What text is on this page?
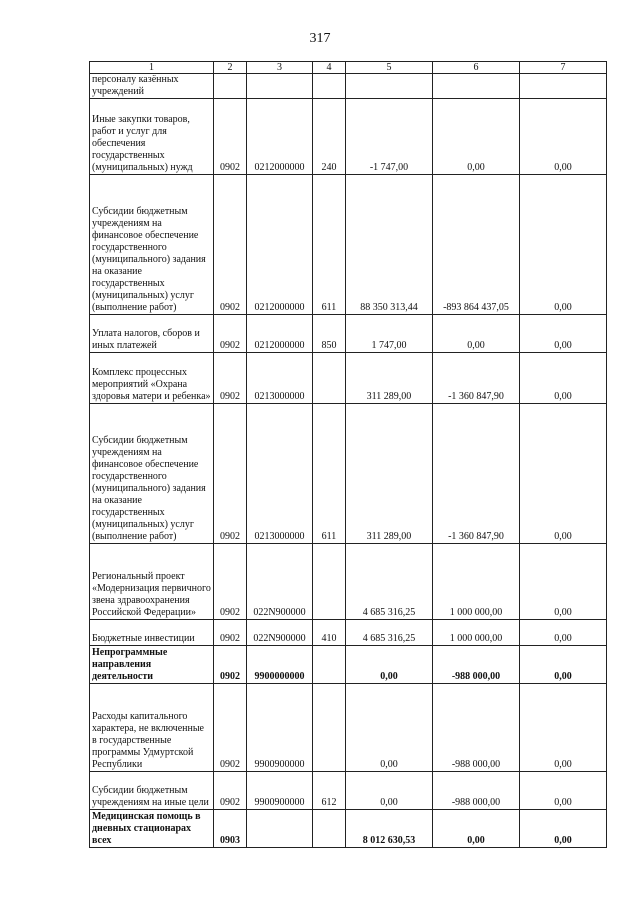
317
1	2	3	4	5	6	7
персоналу казённых учреждений						
Иные закупки товаров, работ и услуг для обеспечения государственных (муниципальных) нужд	0902	0212000000	240	-1 747,00	0,00	0,00
Субсидии бюджетным учреждениям на финансовое обеспечение государственного (муниципального) задания на оказание государственных (муниципальных) услуг (выполнение работ)	0902	0212000000	611	88 350 313,44	-893 864 437,05	0,00
Уплата налогов, сборов и иных платежей	0902	0212000000	850	1 747,00	0,00	0,00
Комплекс процессных мероприятий «Охрана здоровья матери и ребенка»	0902	0213000000		311 289,00	-1 360 847,90	0,00
Субсидии бюджетным учреждениям на финансовое обеспечение государственного (муниципального) задания на оказание государственных (муниципальных) услуг (выполнение работ)	0902	0213000000	611	311 289,00	-1 360 847,90	0,00
Региональный проект «Модернизация первичного звена здравоохранения Российской Федерации»	0902	022N900000		4 685 316,25	1 000 000,00	0,00
Бюджетные инвестиции	0902	022N900000	410	4 685 316,25	1 000 000,00	0,00
Непрограммные направления деятельности	0902	9900000000		0,00	-988 000,00	0,00
Расходы капитального характера, не включенные в государственные программы Удмуртской Республики	0902	9900900000		0,00	-988 000,00	0,00
Субсидии бюджетным учреждениям на иные цели	0902	9900900000	612	0,00	-988 000,00	0,00
Медицинская помощь в дневных стационарах всех	0903			8 012 630,53	0,00	0,00
